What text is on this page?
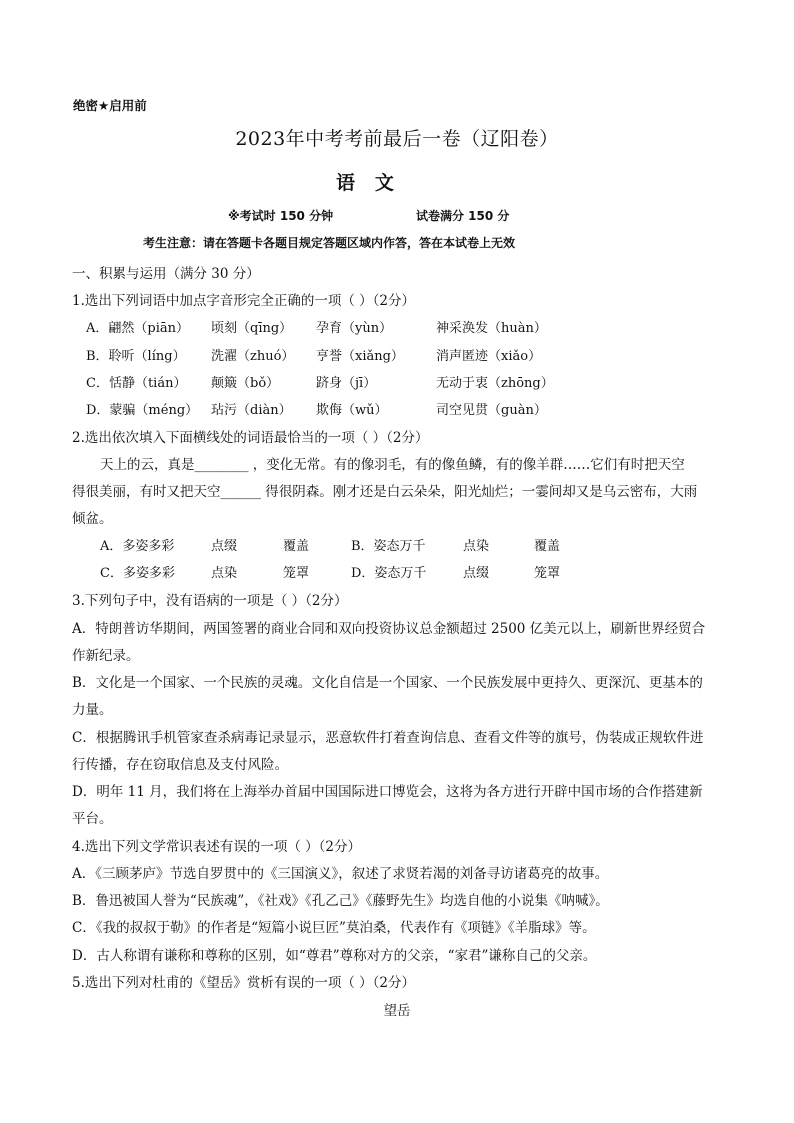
绝密★启用前
2023年中考考前最后一卷（辽阳卷）
语   文
※考试时 150 分钟	试卷满分 150 分
考生注意：请在答题卡各题目规定答题区域内作答，答在本试卷上无效
一、积累与运用（满分 30 分）
1.选出下列词语中加点字音形完全正确的一项（ ）（2分）
A．翩然（piān） 顷刻（qīng） 孕育（yùn）	神采涣发（huàn）
B．聆听（líng） 洗濯（zhuó） 亨誉（xiǎng） 消声匿迹（xiǎo）
C．恬静（tián） 颠簸（bǒ）	跻身（jī）	无动于衷（zhōng）
D．蒙骗（méng） 玷污（diàn） 欺侮（wǔ）	司空见贯（guàn）
2.选出依次填入下面横线处的词语最恰当的一项（ ）（2分）
天上的云，真是________ ，变化无常。有的像羽毛，有的像鱼鳞，有的像羊群……它们有时把天空
得很美丽，有时又把天空______ 得很阴森。刚才还是白云朵朵，阳光灿烂；一霎间却又是乌云密布，大雨
倾盆。
A．多姿多彩	点缀	覆盖	B．姿态万千	点染	覆盖
C．多姿多彩	点染	笼罩	D．姿态万千	点缀	笼罩
3.下列句子中，没有语病的一项是（ ）（2分）
A．特朗普访华期间，两国签署的商业合同和双向投资协议总金额超过 2500 亿美元以上，刷新世界经贸合
作新纪录。
B．文化是一个国家、一个民族的灵魂。文化自信是一个国家、一个民族发展中更持久、更深沉、更基本的
力量。
C．根据腾讯手机管家查杀病毒记录显示，恶意软件打着查询信息、查看文件等的旗号，伪装成正规软件进
行传播，存在窃取信息及支付风险。
D．明年 11 月，我们将在上海举办首届中国国际进口博览会，这将为各方进行开辟中国市场的合作搭建新
平台。
4.选出下列文学常识表述有误的一项（ ）（2分）
A．《三顾茅庐》节选自罗贯中的《三国演义》，叙述了求贤若渴的刘备寻访诸葛亮的故事。
B．鲁迅被国人誉为“民族魂”，《社戏》《孔乙己》《藤野先生》均选自他的小说集《呐喊》。
C．《我的叔叔于勒》的作者是“短篇小说巨匠”莫泊桑，代表作有《项链》《羊脂球》等。
D．古人称谓有谦称和尊称的区别，如“尊君”尊称对方的父亲，“家君”谦称自己的父亲。
5.选出下列对杜甫的《望岳》赏析有误的一项（ ）（2分）
望岳
